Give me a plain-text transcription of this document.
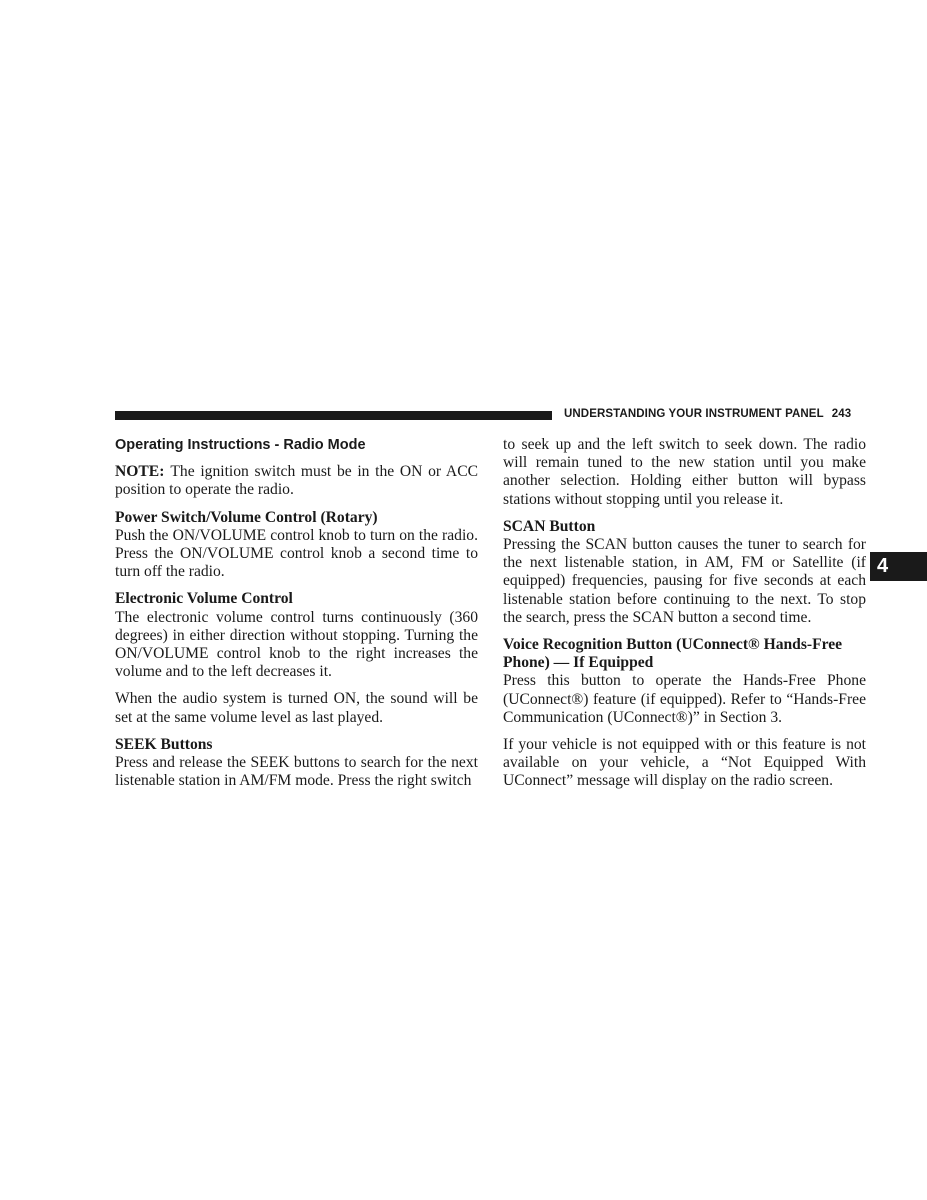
UNDERSTANDING YOUR INSTRUMENT PANEL 243
4
Operating Instructions - Radio Mode

NOTE: The ignition switch must be in the ON or ACC position to operate the radio.

Power Switch/Volume Control (Rotary)

Push the ON/VOLUME control knob to turn on the radio. Press the ON/VOLUME control knob a second time to turn off the radio.

Electronic Volume Control

The electronic volume control turns continuously (360 degrees) in either direction without stopping. Turning the ON/VOLUME control knob to the right increases the volume and to the left decreases it.

When the audio system is turned ON, the sound will be set at the same volume level as last played.

SEEK Buttons

Press and release the SEEK buttons to search for the next listenable station in AM/FM mode. Press the right switch

to seek up and the left switch to seek down. The radio will remain tuned to the new station until you make another selection. Holding either button will bypass stations without stopping until you release it.

SCAN Button

Pressing the SCAN button causes the tuner to search for the next listenable station, in AM, FM or Satellite (if equipped) frequencies, pausing for five seconds at each listenable station before continuing to the next. To stop the search, press the SCAN button a second time.

Voice Recognition Button (UConnect® Hands-Free Phone) — If Equipped

Press this button to operate the Hands-Free Phone (UConnect®) feature (if equipped). Refer to “Hands-Free Communication (UConnect®)” in Section 3.

If your vehicle is not equipped with or this feature is not available on your vehicle, a “Not Equipped With UConnect” message will display on the radio screen.
